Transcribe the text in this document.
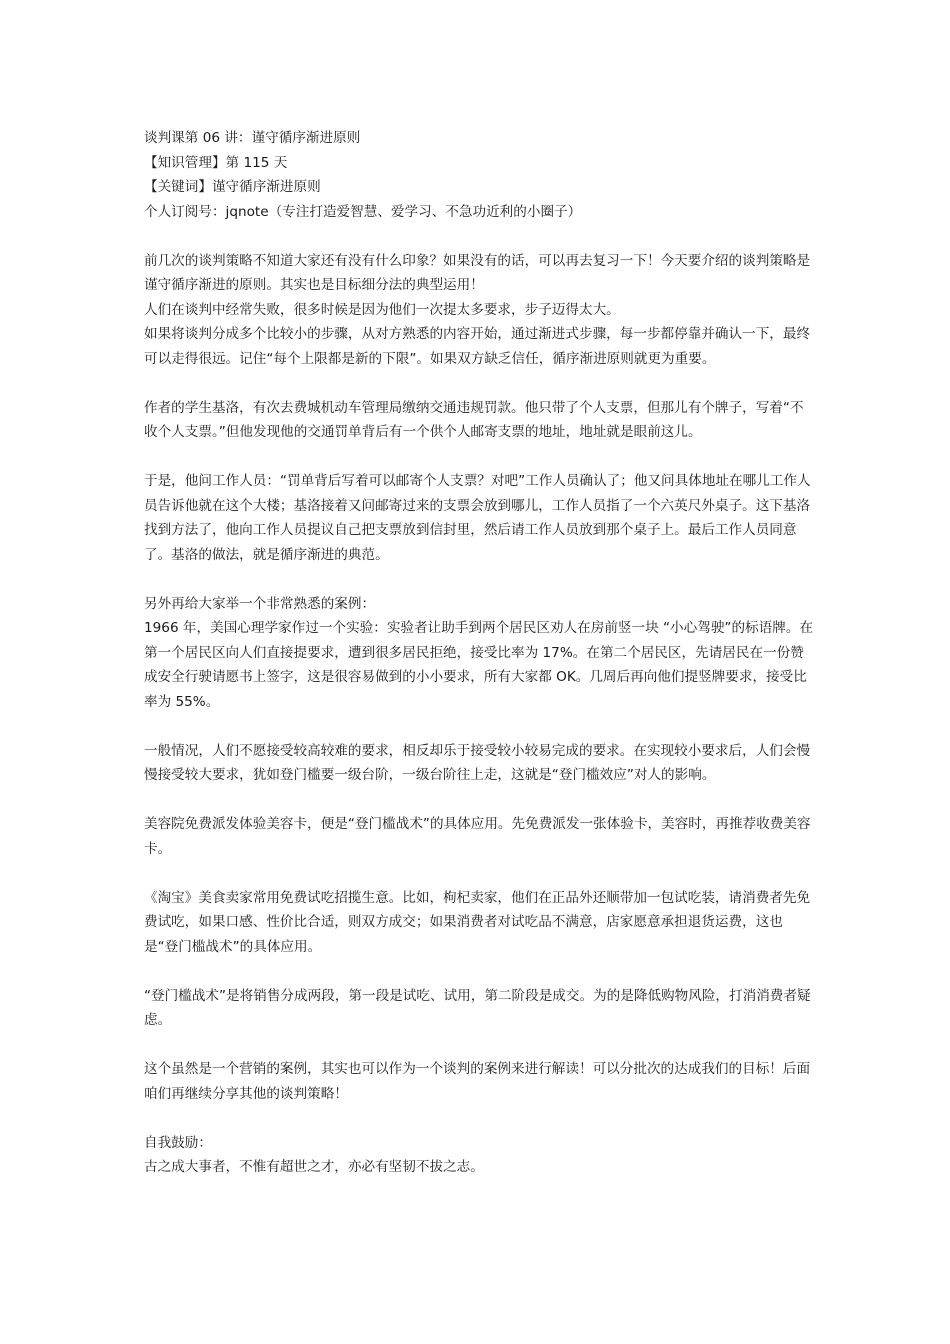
谈判课第 06 讲：谨守循序渐进原则

【知识管理】第 115 天

【关键词】谨守循序渐进原则

个人订阅号：jqnote（专注打造爱智慧、爱学习、不急功近利的小圈子）

前几次的谈判策略不知道大家还有没有什么印象？如果没有的话，可以再去复习一下！今天要介绍的谈判策略是谨守循序渐进的原则。其实也是目标细分法的典型运用！

人们在谈判中经常失败，很多时候是因为他们一次提太多要求，步子迈得太大。

如果将谈判分成多个比较小的步骤，从对方熟悉的内容开始，通过渐进式步骤，每一步都停靠并确认一下，最终可以走得很远。记住“每个上限都是新的下限”。如果双方缺乏信任，循序渐进原则就更为重要。

作者的学生基洛，有次去费城机动车管理局缴纳交通违规罚款。他只带了个人支票，但那儿有个牌子，写着“不收个人支票。”但他发现他的交通罚单背后有一个供个人邮寄支票的地址，地址就是眼前这儿。

于是，他问工作人员：“罚单背后写着可以邮寄个人支票？对吧”工作人员确认了；他又问具体地址在哪儿工作人员告诉他就在这个大楼；基洛接着又问邮寄过来的支票会放到哪儿，工作人员指了一个六英尺外桌子。这下基洛找到方法了，他向工作人员提议自己把支票放到信封里，然后请工作人员放到那个桌子上。最后工作人员同意了。基洛的做法，就是循序渐进的典范。

另外再给大家举一个非常熟悉的案例：

1966 年，美国心理学家作过一个实验：实验者让助手到两个居民区劝人在房前竖一块 “小心驾驶”的标语牌。在第一个居民区向人们直接提要求，遭到很多居民拒绝，接受比率为 17%。在第二个居民区，先请居民在一份赞成安全行驶请愿书上签字，这是很容易做到的小小要求，所有大家都 OK。几周后再向他们提竖牌要求，接受比率为 55%。

一般情况，人们不愿接受较高较难的要求，相反却乐于接受较小较易完成的要求。在实现较小要求后，人们会慢慢接受较大要求，犹如登门槛要一级台阶，一级台阶往上走，这就是“登门槛效应”对人的影响。

美容院免费派发体验美容卡，便是“登门槛战术”的具体应用。先免费派发一张体验卡，美容时，再推荐收费美容卡。

《淘宝》美食卖家常用免费试吃招揽生意。比如，枸杞卖家，他们在正品外还顺带加一包试吃装，请消费者先免费试吃，如果口感、性价比合适，则双方成交；如果消费者对试吃品不满意，店家愿意承担退货运费，这也是“登门槛战术”的具体应用。

“登门槛战术”是将销售分成两段，第一段是试吃、试用，第二阶段是成交。为的是降低购物风险，打消消费者疑虑。

这个虽然是一个营销的案例，其实也可以作为一个谈判的案例来进行解读！可以分批次的达成我们的目标！后面咱们再继续分享其他的谈判策略！

自我鼓励：

古之成大事者，不惟有超世之才，亦必有坚韧不拔之志。
